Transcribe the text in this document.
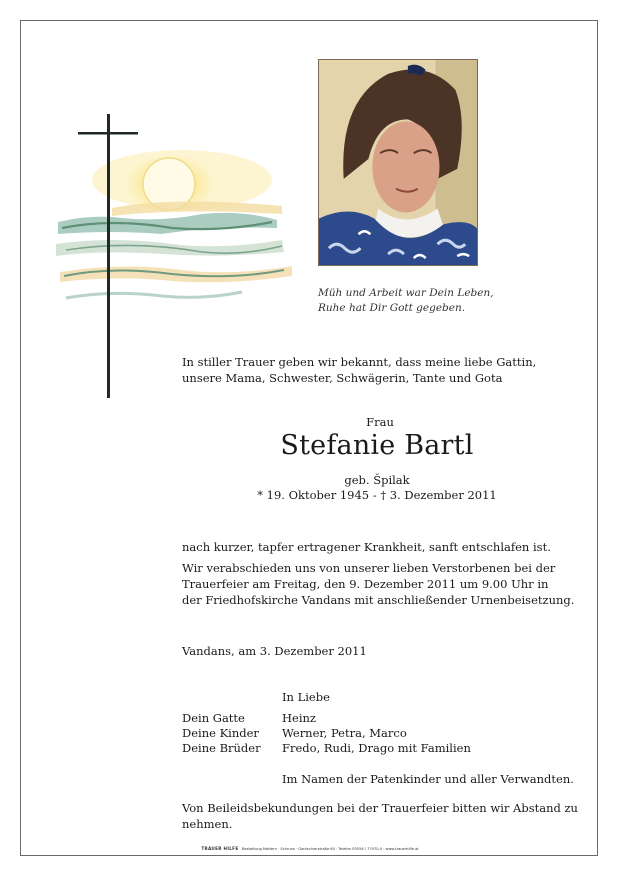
Müh und Arbeit war Dein Leben,
Ruhe hat Dir Gott gegeben.
In stiller Trauer geben wir bekannt, dass meine liebe Gattin,
unsere Mama, Schwester, Schwägerin, Tante und Gota
Frau
Stefanie Bartl
geb. Špilak
* 19. Oktober 1945 - † 3. Dezember 2011
nach kurzer, tapfer ertragener Krankheit, sanft entschlafen ist.
Wir verabschieden uns von unserer lieben Verstorbenen bei der
Trauerfeier am Freitag, den 9. Dezember 2011 um 9.00 Uhr in
der Friedhofskirche Vandans mit anschließender Urnenbeisetzung.
Vandans, am 3. Dezember 2011
In Liebe
Dein Gatte	Heinz
Deine Kinder Werner, Petra, Marco
Deine Brüder Fredo, Rudi, Drago mit Familien
Im Namen der Patenkinder und aller Verwandten.
Von Beileidsbekundungen bei der Trauerfeier bitten wir Abstand zu nehmen.
TRAUER HILFE Bestattung Mattern · Schruns · Gantschierstraße 60 · Telefon 05556 / 77970-0 · www.trauerhilfe.at
